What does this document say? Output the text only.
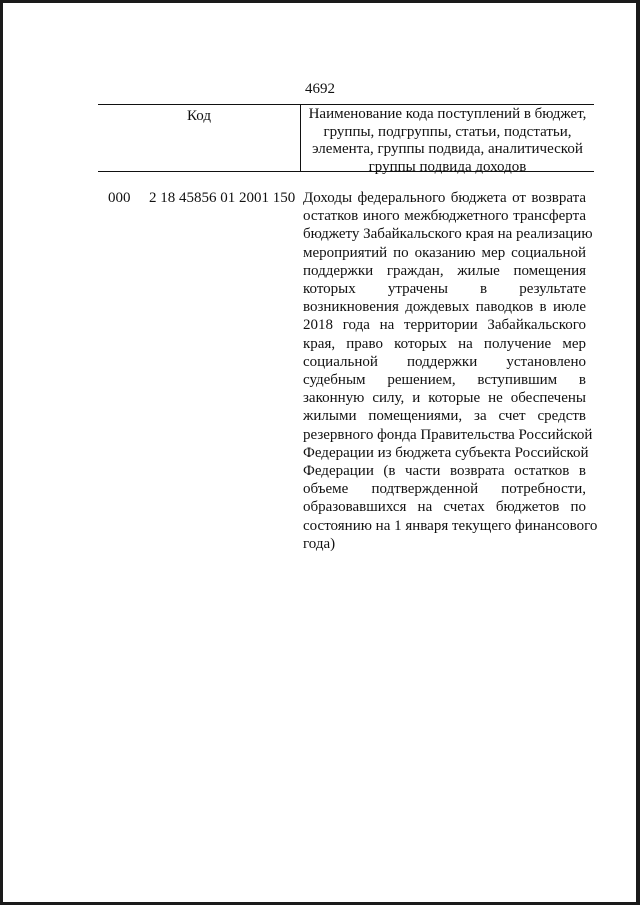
4692
Код	Наименование кода поступлений в бюджет, группы, подгруппы, статьи, подстатьи, элемента, группы подвида, аналитической группы подвида доходов
000 2 18 45856 01 2001 150 Доходы федерального бюджета от возврата
остатков иного межбюджетного трансферта
бюджету Забайкальского края на реализацию
мероприятий по оказанию мер социальной
поддержки граждан, жилые помещения
которых утрачены в результате
возникновения дождевых паводков в июле
2018 года на территории Забайкальского
края, право которых на получение мер
социальной поддержки установлено
судебным решением, вступившим в
законную силу, и которые не обеспечены
жилыми помещениями, за счет средств
резервного фонда Правительства Российской
Федерации из бюджета субъекта Российской
Федерации (в части возврата остатков в
объеме подтвержденной потребности,
образовавшихся на счетах бюджетов по
состоянию на 1 января текущего финансового
года)
